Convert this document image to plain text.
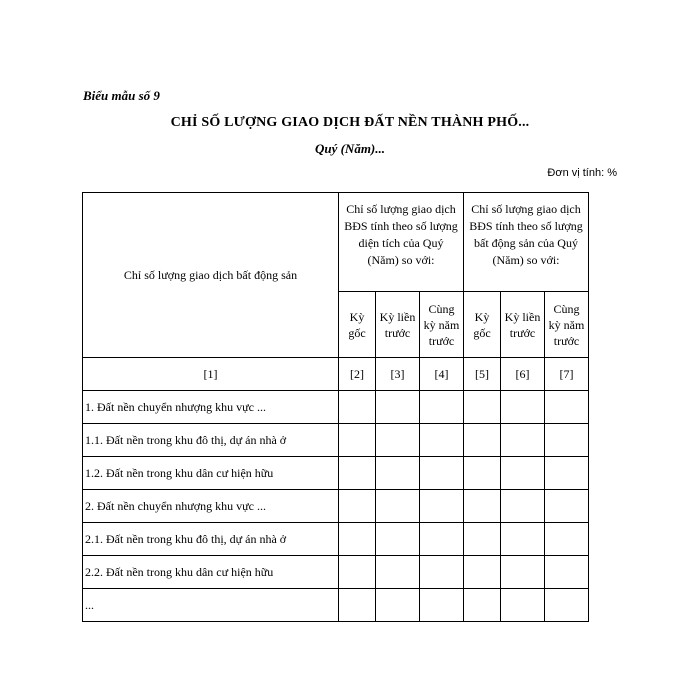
Biểu mẫu số 9
CHỈ SỐ LƯỢNG GIAO DỊCH ĐẤT NỀN THÀNH PHỐ...
Quý (Năm)...
Đơn vị tính: %
Chỉ số lượng giao dịch bất động sản	Chỉ số lượng giao dịch BĐS tính theo số lượng diện tích của Quý (Năm) so với:			Chỉ số lượng giao dịch BĐS tính theo số lượng bất động sản của Quý (Năm) so với:		
	Kỳ gốc	Kỳ liền trước	Cùng kỳ năm trước	Kỳ gốc	Kỳ liền trước	Cùng kỳ năm trước
[1]	[2]	[3]	[4]	[5]	[6]	[7]
1. Đất nền chuyển nhượng khu vực ...						
1.1. Đất nền trong khu đô thị, dự án nhà ở						
1.2. Đất nền trong khu dân cư hiện hữu						
2. Đất nền chuyển nhượng khu vực ...						
2.1. Đất nền trong khu đô thị, dự án nhà ở						
2.2. Đất nền trong khu dân cư hiện hữu						
...						
